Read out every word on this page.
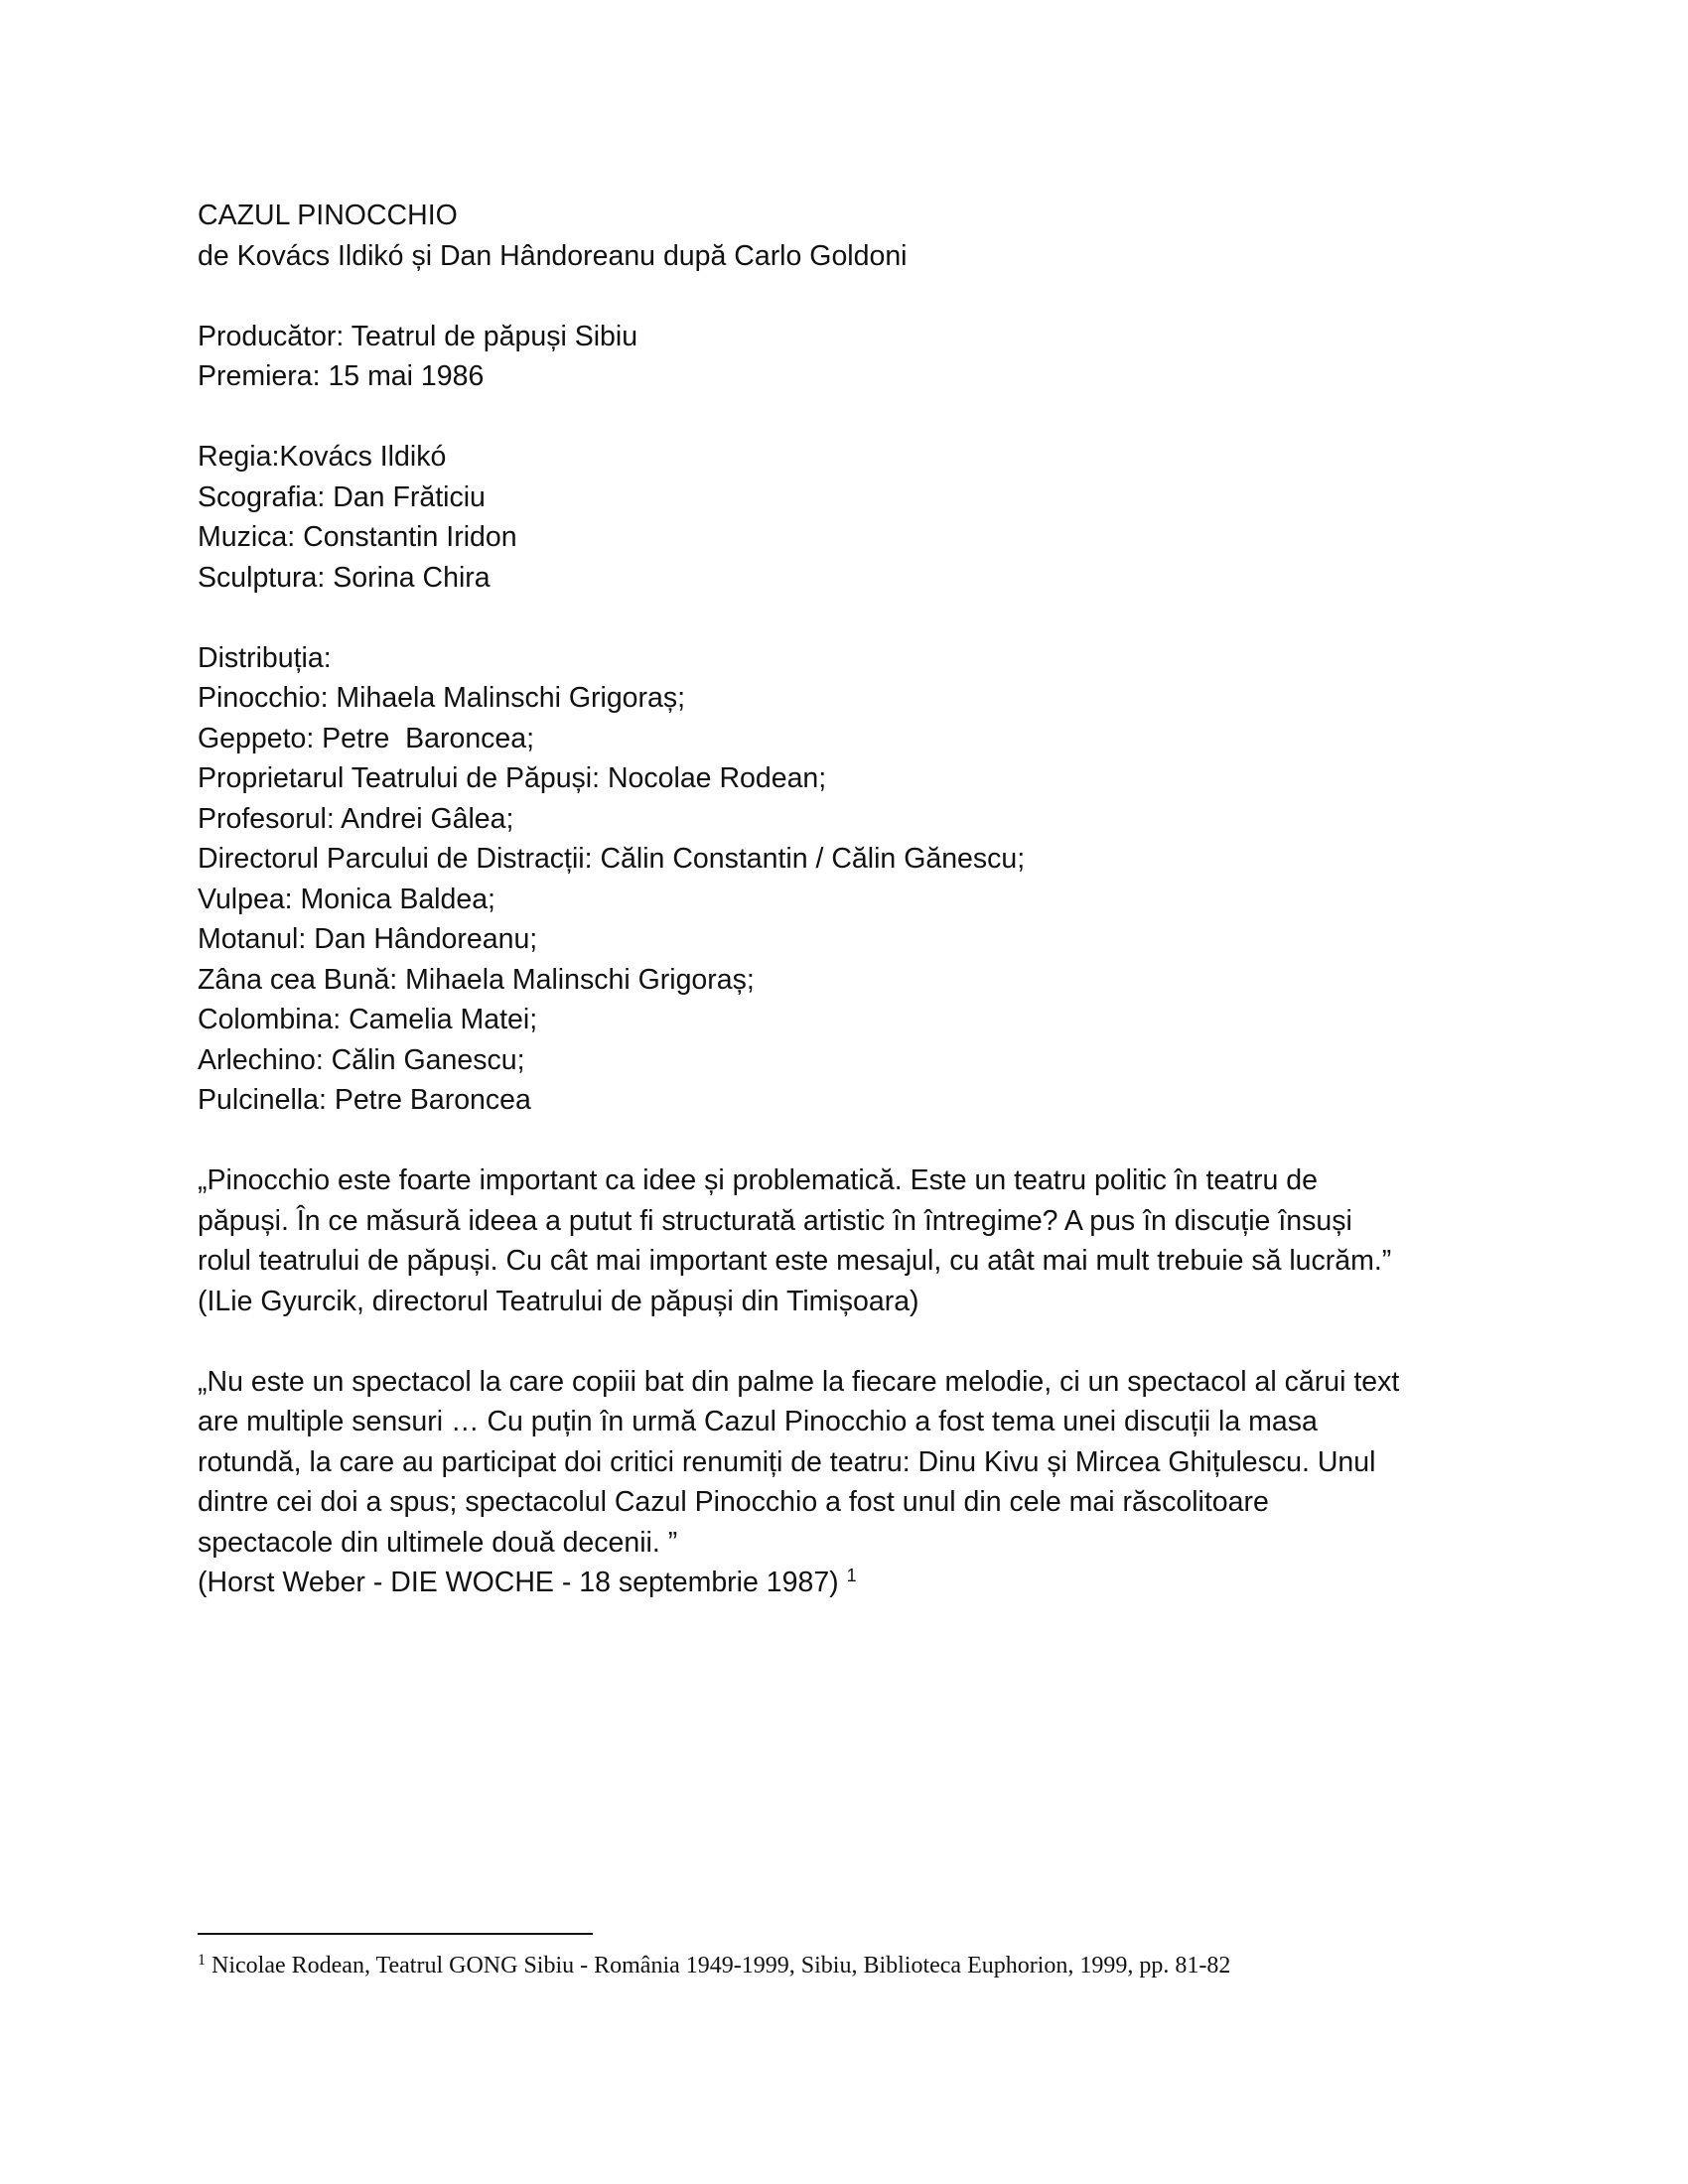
CAZUL PINOCCHIO
de Kovács Ildikó și Dan Hândoreanu după Carlo Goldoni
Producător: Teatrul de păpuși Sibiu
Premiera: 15 mai 1986
Regia:Kovács Ildikó
Scografia: Dan Frăticiu
Muzica: Constantin Iridon
Sculptura: Sorina Chira
Distribuția:
Pinocchio: Mihaela Malinschi Grigoraș;
Geppeto: Petre  Baroncea;
Proprietarul Teatrului de Păpuși: Nocolae Rodean;
Profesorul: Andrei Gâlea;
Directorul Parcului de Distracții: Călin Constantin / Călin Gănescu;
Vulpea: Monica Baldea;
Motanul: Dan Hândoreanu;
Zâna cea Bună: Mihaela Malinschi Grigoraș;
Colombina: Camelia Matei;
Arlechino: Călin Ganescu;
Pulcinella: Petre Baroncea
„Pinocchio este foarte important ca idee și problematică. Este un teatru politic în teatru de
păpuși. În ce măsură ideea a putut fi structurată artistic în întregime? A pus în discuție însuși
rolul teatrului de păpuși. Cu cât mai important este mesajul, cu atât mai mult trebuie să lucrăm.”
(ILie Gyurcik, directorul Teatrului de păpuși din Timișoara)
„Nu este un spectacol la care copiii bat din palme la fiecare melodie, ci un spectacol al cărui text
are multiple sensuri … Cu puțin în urmă Cazul Pinocchio a fost tema unei discuții la masa
rotundă, la care au participat doi critici renumiți de teatru: Dinu Kivu și Mircea Ghițulescu. Unul
dintre cei doi a spus; spectacolul Cazul Pinocchio a fost unul din cele mai răscolitoare
spectacole din ultimele două decenii. ”
(Horst Weber - DIE WOCHE - 18 septembrie 1987) $^1$
$^1$ Nicolae Rodean, Teatrul GONG Sibiu - România 1949-1999, Sibiu, Biblioteca Euphorion, 1999, pp. 81-82
